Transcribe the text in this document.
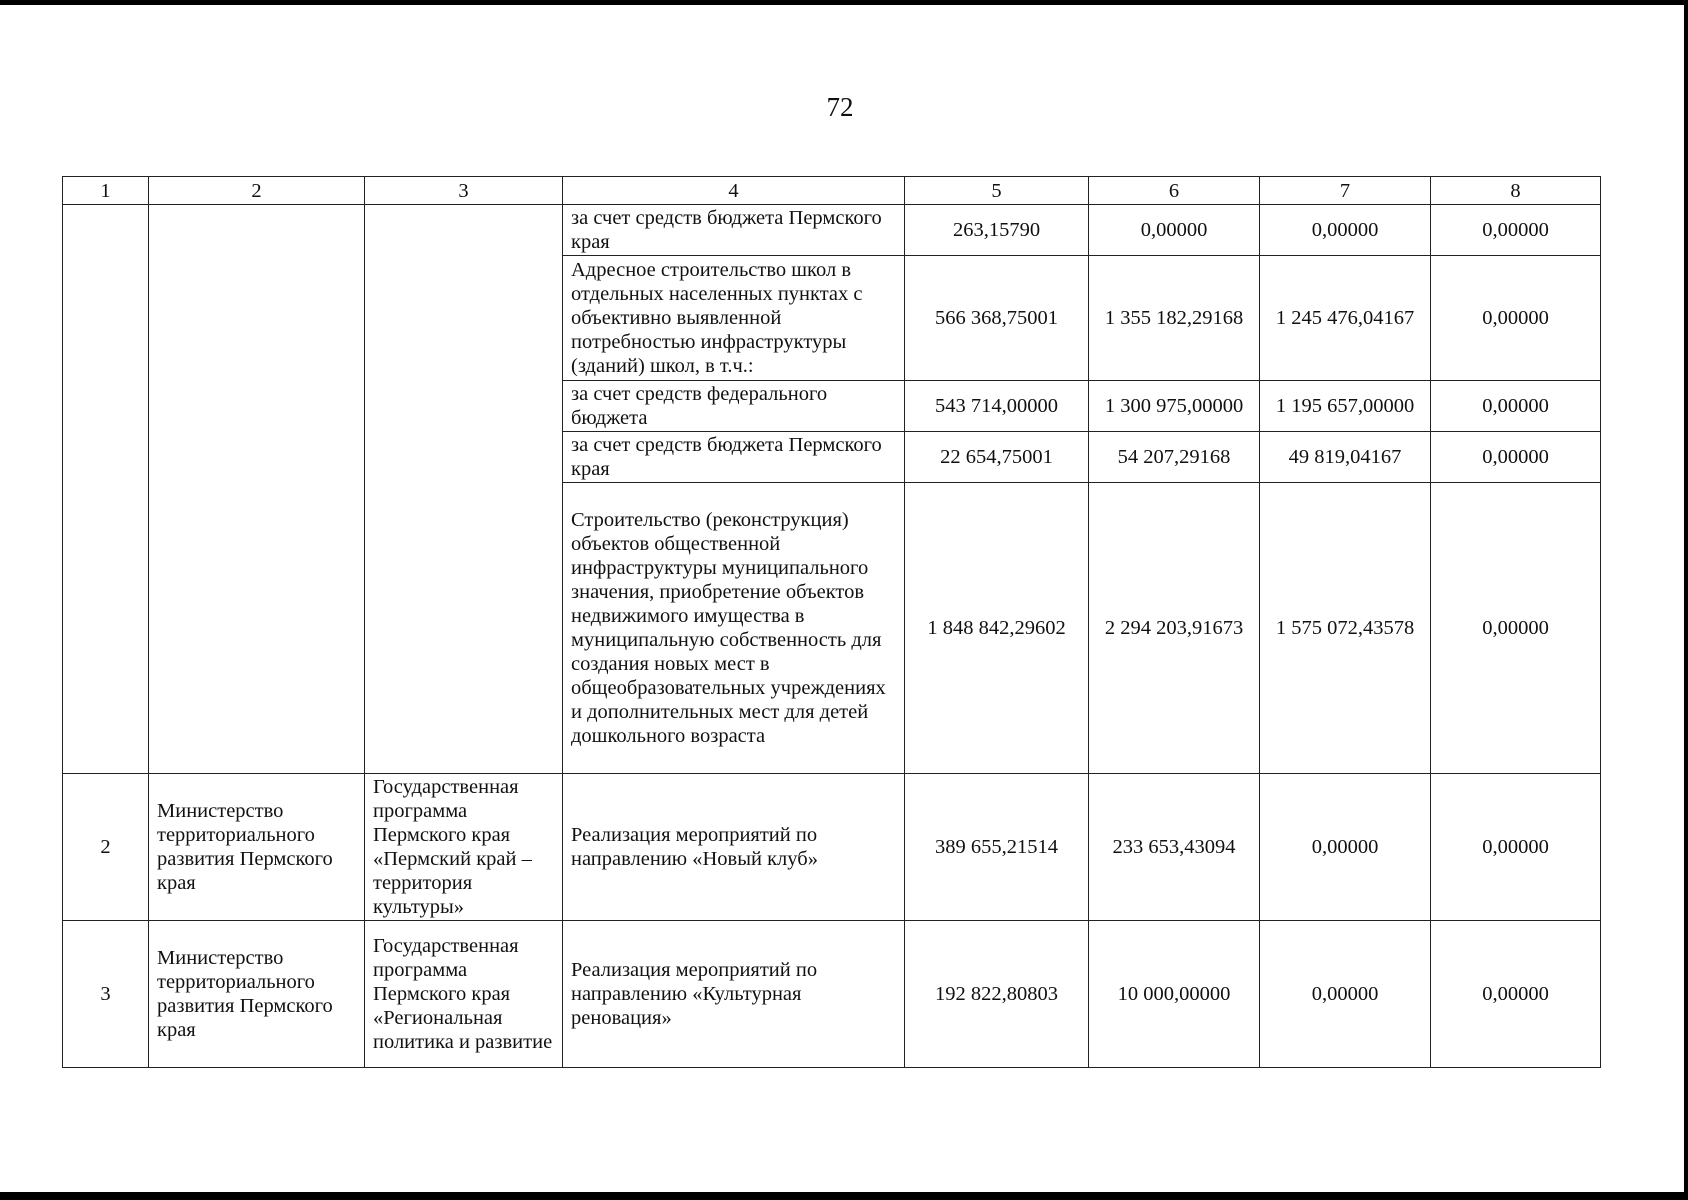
72
1	2	3	4	5	6	7	8
			за счет средств бюджета Пермского края	263,15790	0,00000	0,00000	0,00000
			Адресное строительство школ в отдельных населенных пунктах с объективно выявленной потребностью инфраструктуры (зданий) школ, в т.ч.:	566 368,75001	1 355 182,29168	1 245 476,04167	0,00000
			за счет средств федерального бюджета	543 714,00000	1 300 975,00000	1 195 657,00000	0,00000
			за счет средств бюджета Пермского края	22 654,75001	54 207,29168	49 819,04167	0,00000
			Строительство (реконструкция) объектов общественной инфраструктуры муниципального значения, приобретение объектов недвижимого имущества в муниципальную собственность для создания новых мест в общеобразовательных учреждениях и дополнительных мест для детей дошкольного возраста	1 848 842,29602	2 294 203,91673	1 575 072,43578	0,00000
2	Министерство территориального развития Пермского края	Государственная программа Пермского края «Пермский край – территория культуры»	Реализация мероприятий по направлению «Новый клуб»	389 655,21514	233 653,43094	0,00000	0,00000
3	Министерство территориального развития Пермского края	Государственная программа Пермского края «Региональная политика и развитие	Реализация мероприятий по направлению «Культурная реновация»	192 822,80803	10 000,00000	0,00000	0,00000
